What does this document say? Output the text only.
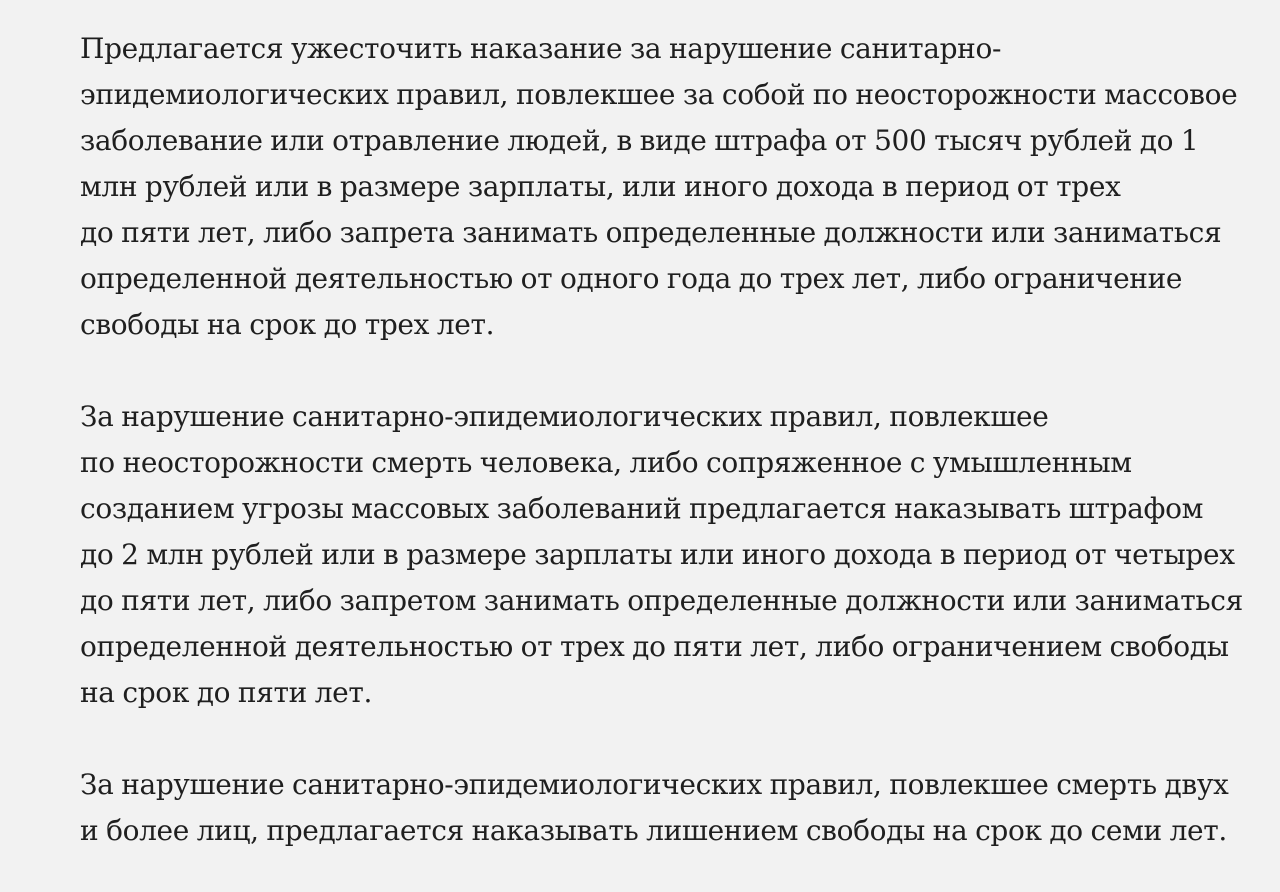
Предлагается ужесточить наказание за нарушение санитарно-
эпидемиологических правил, повлекшее за собой по неосторожности массовое
заболевание или отравление людей, в виде штрафа от 500 тысяч рублей до 1
млн рублей или в размере зарплаты, или иного дохода в период от трех
до пяти лет, либо запрета занимать определенные должности или заниматься
определенной деятельностью от одного года до трех лет, либо ограничение
свободы на срок до трех лет.

За нарушение санитарно-эпидемиологических правил, повлекшее
по неосторожности смерть человека, либо сопряженное с умышленным
созданием угрозы массовых заболеваний предлагается наказывать штрафом
до 2 млн рублей или в размере зарплаты или иного дохода в период от четырех
до пяти лет, либо запретом занимать определенные должности или заниматься
определенной деятельностью от трех до пяти лет, либо ограничением свободы
на срок до пяти лет.

За нарушение санитарно-эпидемиологических правил, повлекшее смерть двух
и более лиц, предлагается наказывать лишением свободы на срок до семи лет.
